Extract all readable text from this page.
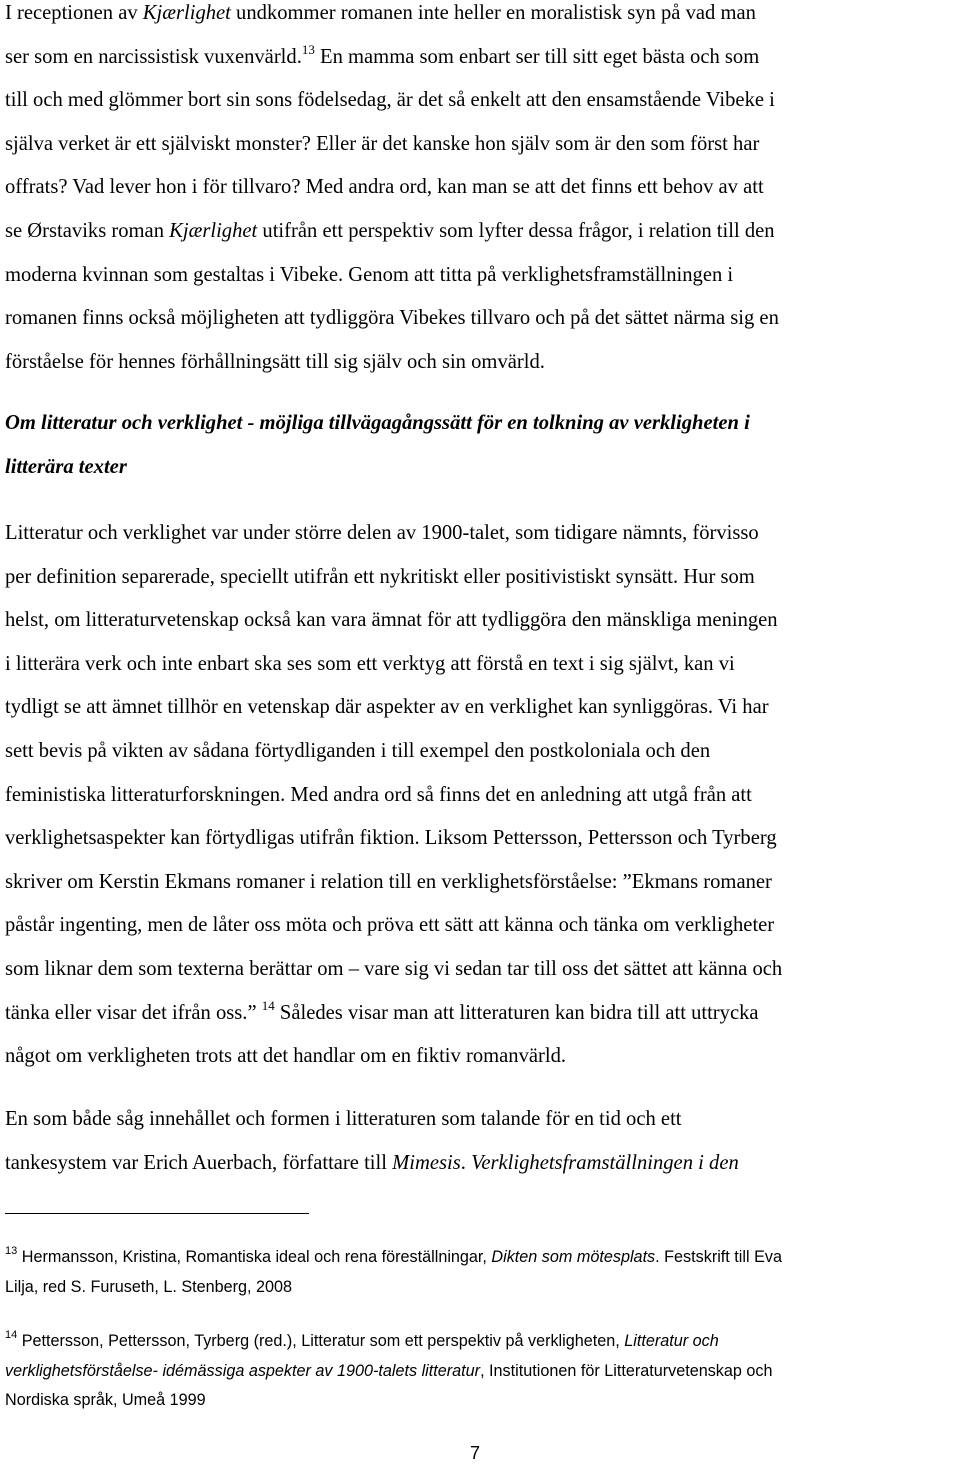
I receptionen av Kjærlighet undkommer romanen inte heller en moralistisk syn på vad man
ser som en narcissistisk vuxenvärld.$^{13}$ En mamma som enbart ser till sitt eget bästa och som
till och med glömmer bort sin sons födelsedag, är det så enkelt att den ensamstående Vibeke i
själva verket är ett själviskt monster? Eller är det kanske hon själv som är den som först har
offrats? Vad lever hon i för tillvaro? Med andra ord, kan man se att det finns ett behov av att
se Ørstaviks roman Kjærlighet utifrån ett perspektiv som lyfter dessa frågor, i relation till den
moderna kvinnan som gestaltas i Vibeke. Genom att titta på verklighetsframställningen i
romanen finns också möjligheten att tydliggöra Vibekes tillvaro och på det sättet närma sig en
förståelse för hennes förhållningsätt till sig själv och sin omvärld.

Om litteratur och verklighet - möjliga tillvägagångssätt för en tolkning av verkligheten i
litterära texter

Litteratur och verklighet var under större delen av 1900-talet, som tidigare nämnts, förvisso
per definition separerade, speciellt utifrån ett nykritiskt eller positivistiskt synsätt. Hur som
helst, om litteraturvetenskap också kan vara ämnat för att tydliggöra den mänskliga meningen
i litterära verk och inte enbart ska ses som ett verktyg att förstå en text i sig självt, kan vi
tydligt se att ämnet tillhör en vetenskap där aspekter av en verklighet kan synliggöras. Vi har
sett bevis på vikten av sådana förtydliganden i till exempel den postkoloniala och den
feministiska litteraturforskningen. Med andra ord så finns det en anledning att utgå från att
verklighetsaspekter kan förtydligas utifrån fiktion. Liksom Pettersson, Pettersson och Tyrberg
skriver om Kerstin Ekmans romaner i relation till en verklighetsförståelse: ”Ekmans romaner
påstår ingenting, men de låter oss möta och pröva ett sätt att känna och tänka om verkligheter
som liknar dem som texterna berättar om – vare sig vi sedan tar till oss det sättet att känna och
tänka eller visar det ifrån oss.” $^{14}$ Således visar man att litteraturen kan bidra till att uttrycka
något om verkligheten trots att det handlar om en fiktiv romanvärld.

En som både såg innehållet och formen i litteraturen som talande för en tid och ett
tankesystem var Erich Auerbach, författare till Mimesis. Verklighetsframställningen i den

$^{13}$ Hermansson, Kristina, Romantiska ideal och rena föreställningar, Dikten som mötesplats. Festskrift till Eva
Lilja, red S. Furuseth, L. Stenberg, 2008

$^{14}$ Pettersson, Pettersson, Tyrberg (red.), Litteratur som ett perspektiv på verkligheten, Litteratur och
verklighetsförståelse- idémässiga aspekter av 1900-talets litteratur, Institutionen för Litteraturvetenskap och
Nordiska språk, Umeå 1999

7
